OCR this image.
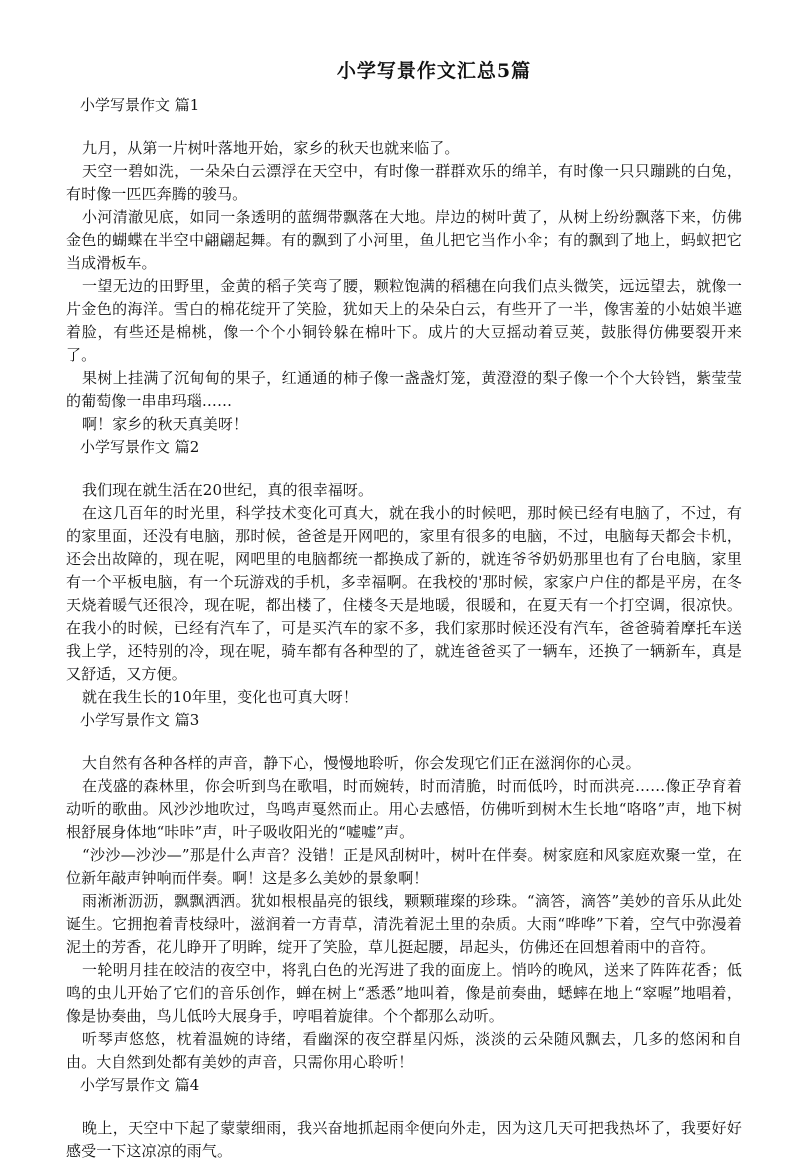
小学写景作文汇总5篇
小学写景作文 篇1

九月，从第一片树叶落地开始，家乡的秋天也就来临了。

天空一碧如洗，一朵朵白云漂浮在天空中，有时像一群群欢乐的绵羊，有时像一只只蹦跳的白兔，有时像一匹匹奔腾的骏马。

小河清澈见底，如同一条透明的蓝绸带飘落在大地。岸边的树叶黄了，从树上纷纷飘落下来，仿佛金色的蝴蝶在半空中翩翩起舞。有的飘到了小河里，鱼儿把它当作小伞；有的飘到了地上，蚂蚁把它当成滑板车。

一望无边的田野里，金黄的稻子笑弯了腰，颗粒饱满的稻穗在向我们点头微笑，远远望去，就像一片金色的海洋。雪白的棉花绽开了笑脸，犹如天上的朵朵白云，有些开了一半，像害羞的小姑娘半遮着脸，有些还是棉桃，像一个个小铜铃躲在棉叶下。成片的大豆摇动着豆荚，鼓胀得仿佛要裂开来了。

果树上挂满了沉甸甸的果子，红通通的柿子像一盏盏灯笼，黄澄澄的梨子像一个个大铃铛，紫莹莹的葡萄像一串串玛瑙……

啊！家乡的秋天真美呀！

小学写景作文 篇2

我们现在就生活在20世纪，真的很幸福呀。

在这几百年的时光里，科学技术变化可真大，就在我小的时候吧，那时候已经有电脑了，不过，有的家里面，还没有电脑，那时候，爸爸是开网吧的，家里有很多的电脑，不过，电脑每天都会卡机，还会出故障的，现在呢，网吧里的电脑都统一都换成了新的，就连爷爷奶奶那里也有了台电脑，家里有一个平板电脑，有一个玩游戏的手机，多幸福啊。在我校的'那时候，家家户户住的都是平房，在冬天烧着暖气还很冷，现在呢，都出楼了，住楼冬天是地暖，很暖和，在夏天有一个打空调，很凉快。在我小的时候，已经有汽车了，可是买汽车的家不多，我们家那时候还没有汽车，爸爸骑着摩托车送我上学，还特别的冷，现在呢，骑车都有各种型的了，就连爸爸买了一辆车，还换了一辆新车，真是又舒适，又方便。

就在我生长的10年里，变化也可真大呀！

小学写景作文 篇3

大自然有各种各样的声音，静下心，慢慢地聆听，你会发现它们正在滋润你的心灵。

在茂盛的森林里，你会听到鸟在歌唱，时而婉转，时而清脆，时而低吟，时而洪亮……像正孕育着动听的歌曲。风沙沙地吹过，鸟鸣声戛然而止。用心去感悟，仿佛听到树木生长地“咯咯”声，地下树根舒展身体地“咔咔”声，叶子吸收阳光的“嘘嘘”声。

“沙沙—沙沙—”那是什么声音？没错！正是风刮树叶，树叶在伴奏。树家庭和风家庭欢聚一堂，在位新年敲声钟响而伴奏。啊！这是多么美妙的景象啊！

雨淅淅沥沥，飘飘洒洒。犹如根根晶亮的银线，颗颗璀璨的珍珠。“滴答，滴答”美妙的音乐从此处诞生。它拥抱着青枝绿叶，滋润着一方青草，清洗着泥土里的杂质。大雨“哗哗”下着，空气中弥漫着泥土的芳香，花儿睁开了明眸，绽开了笑脸，草儿挺起腰，昂起头，仿佛还在回想着雨中的音符。

一轮明月挂在皎洁的夜空中，将乳白色的光泻进了我的面庞上。悄吟的晚风，送来了阵阵花香；低鸣的虫儿开始了它们的音乐创作，蝉在树上“悉悉”地叫着，像是前奏曲，蟋蟀在地上“窣喔”地唱着，像是协奏曲，鸟儿低吟大展身手，哼唱着旋律。个个都那么动听。

听琴声悠悠，枕着温婉的诗绪，看幽深的夜空群星闪烁，淡淡的云朵随风飘去，几多的悠闲和自由。大自然到处都有美妙的声音，只需你用心聆听！

小学写景作文 篇4

晚上，天空中下起了蒙蒙细雨，我兴奋地抓起雨伞便向外走，因为这几天可把我热坏了，我要好好感受一下这凉凉的雨气。
